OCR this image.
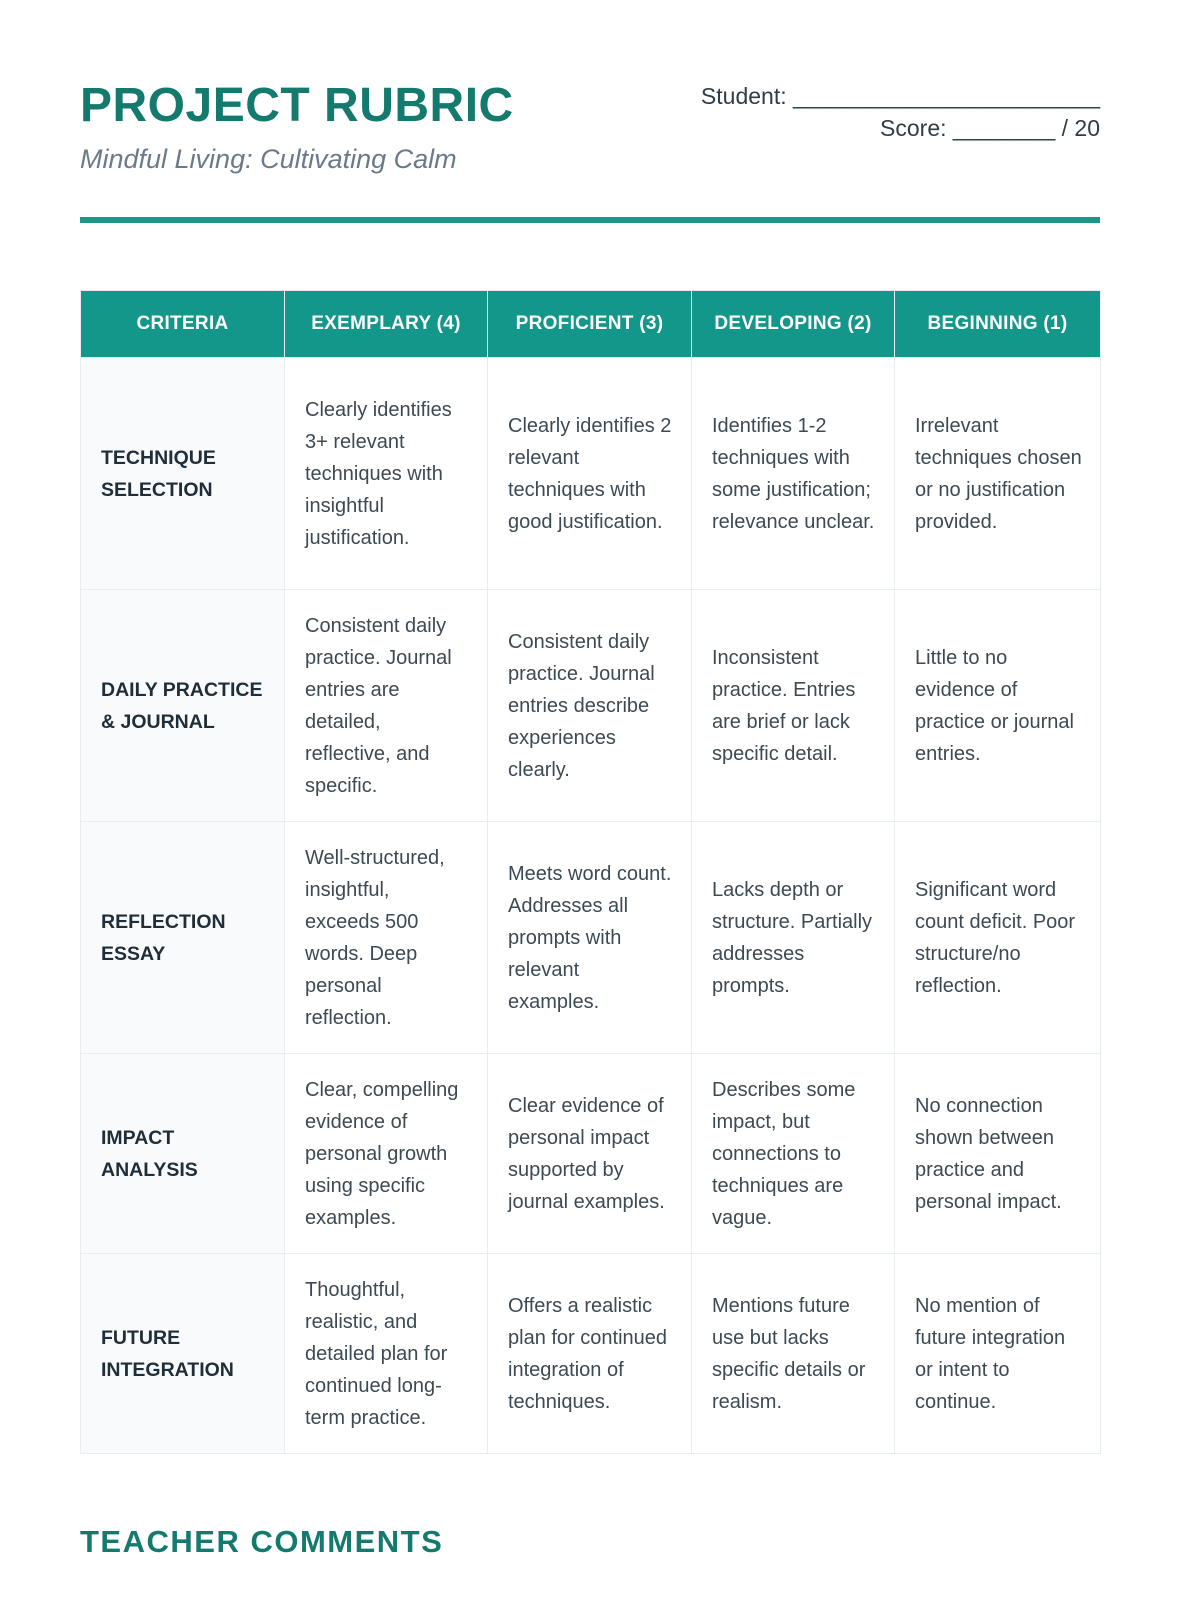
PROJECT RUBRIC
Mindful Living: Cultivating Calm
Student: ________________________
Score: ________ / 20
CRITERIA	EXEMPLARY (4)	PROFICIENT (3)	DEVELOPING (2)	BEGINNING (1)
TECHNIQUE SELECTION	Clearly identifies 3+ relevant techniques with insightful justification.	Clearly identifies 2 relevant techniques with good justification.	Identifies 1-2 techniques with some justification; relevance unclear.	Irrelevant techniques chosen or no justification provided.
DAILY PRACTICE & JOURNAL	Consistent daily practice. Journal entries are detailed, reflective, and specific.	Consistent daily practice. Journal entries describe experiences clearly.	Inconsistent practice. Entries are brief or lack specific detail.	Little to no evidence of practice or journal entries.
REFLECTION ESSAY	Well-structured, insightful, exceeds 500 words. Deep personal reflection.	Meets word count. Addresses all prompts with relevant examples.	Lacks depth or structure. Partially addresses prompts.	Significant word count deficit. Poor structure/no reflection.
IMPACT ANALYSIS	Clear, compelling evidence of personal growth using specific examples.	Clear evidence of personal impact supported by journal examples.	Describes some impact, but connections to techniques are vague.	No connection shown between practice and personal impact.
FUTURE INTEGRATION	Thoughtful, realistic, and detailed plan for continued long-term practice.	Offers a realistic plan for continued integration of techniques.	Mentions future use but lacks specific details or realism.	No mention of future integration or intent to continue.
TEACHER COMMENTS
